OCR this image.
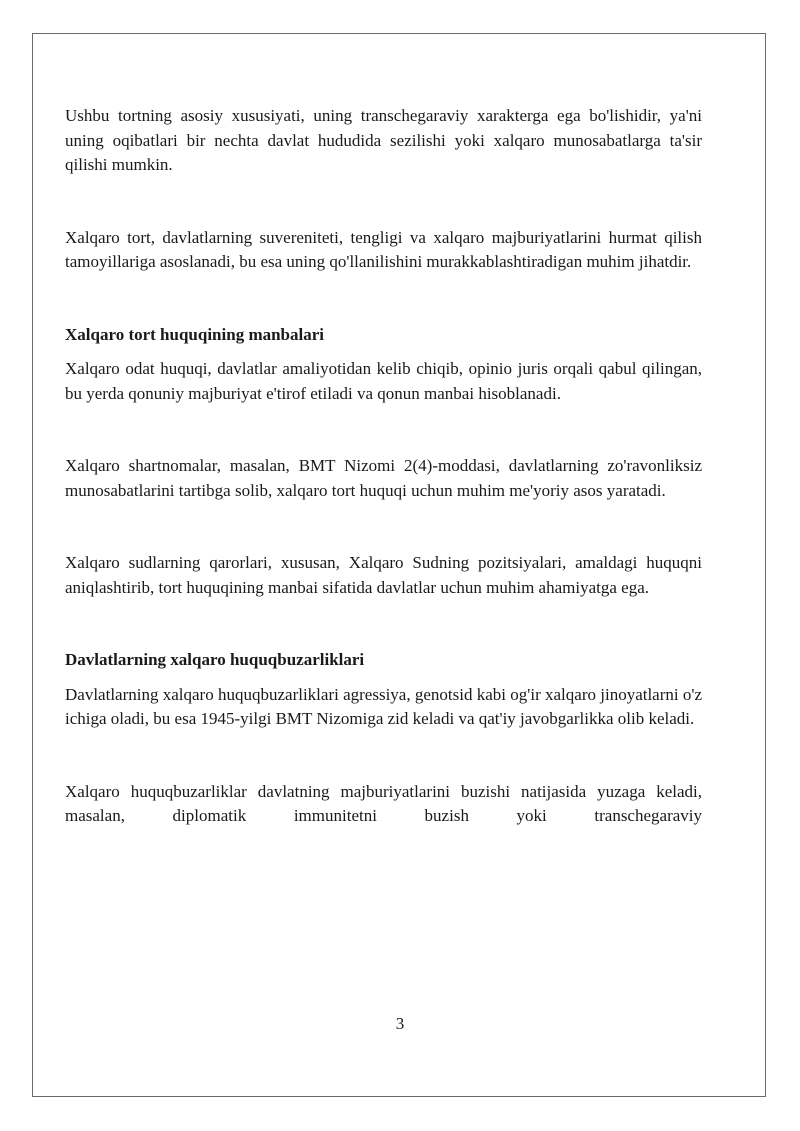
Ushbu tortning asosiy xususiyati, uning transchegaraviy xarakterga ega bo'lishidir, ya'ni uning oqibatlari bir nechta davlat hududida sezilishi yoki xalqaro munosabatlarga ta'sir qilishi mumkin.

Xalqaro tort, davlatlarning suvereniteti, tengligi va xalqaro majburiyatlarini hurmat qilish tamoyillariga asoslanadi, bu esa uning qo'llanilishini murakkablashtiradigan muhim jihatdir.

Xalqaro tort huquqining manbalari

Xalqaro odat huquqi, davlatlar amaliyotidan kelib chiqib, opinio juris orqali qabul qilingan, bu yerda qonuniy majburiyat e'tirof etiladi va qonun manbai hisoblanadi.

Xalqaro shartnomalar, masalan, BMT Nizomi 2(4)-moddasi, davlatlarning zo'ravonliksiz munosabatlarini tartibga solib, xalqaro tort huquqi uchun muhim me'yoriy asos yaratadi.

Xalqaro sudlarning qarorlari, xususan, Xalqaro Sudning pozitsiyalari, amaldagi huquqni aniqlashtirib, tort huquqining manbai sifatida davlatlar uchun muhim ahamiyatga ega.

Davlatlarning xalqaro huquqbuzarliklari

Davlatlarning xalqaro huquqbuzarliklari agressiya, genotsid kabi og'ir xalqaro jinoyatlarni o'z ichiga oladi, bu esa 1945-yilgi BMT Nizomiga zid keladi va qat'iy javobgarlikka olib keladi.

Xalqaro huquqbuzarliklar davlatning majburiyatlarini buzishi natijasida yuzaga keladi, masalan, diplomatik immunitetni buzish yoki transchegaraviy

3
